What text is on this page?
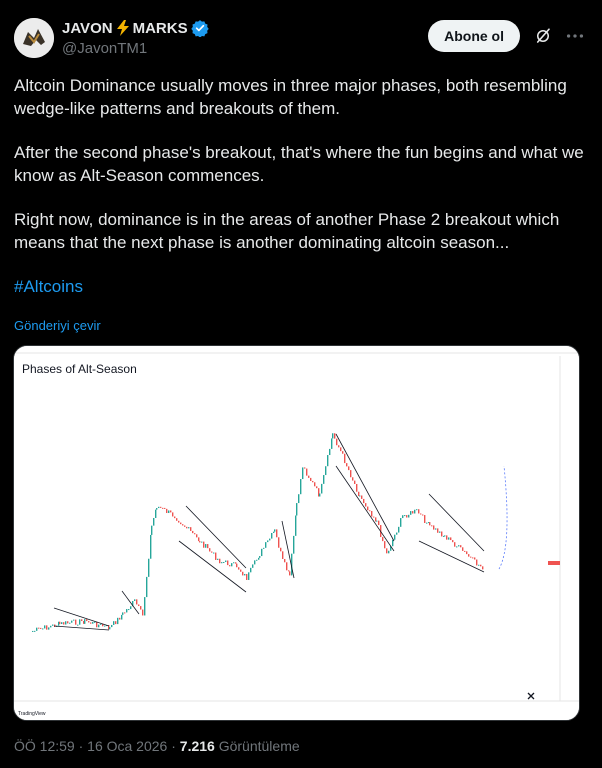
JAVON MARKS
@JavonTM1
Abone ol

Altcoin Dominance usually moves in three major phases, both resembling wedge-like patterns and breakouts of them.

After the second phase's breakout, that's where the fun begins and what we know as Alt-Season commences.

Right now, dominance is in the areas of another Phase 2 breakout which means that the next phase is another dominating altcoin season...

#Altcoins

Gönderiyi çevir
Phases of Alt-Season
TradingView
ÖÖ 12:59 · 16 Oca 2026 · 7.216 Görüntüleme
